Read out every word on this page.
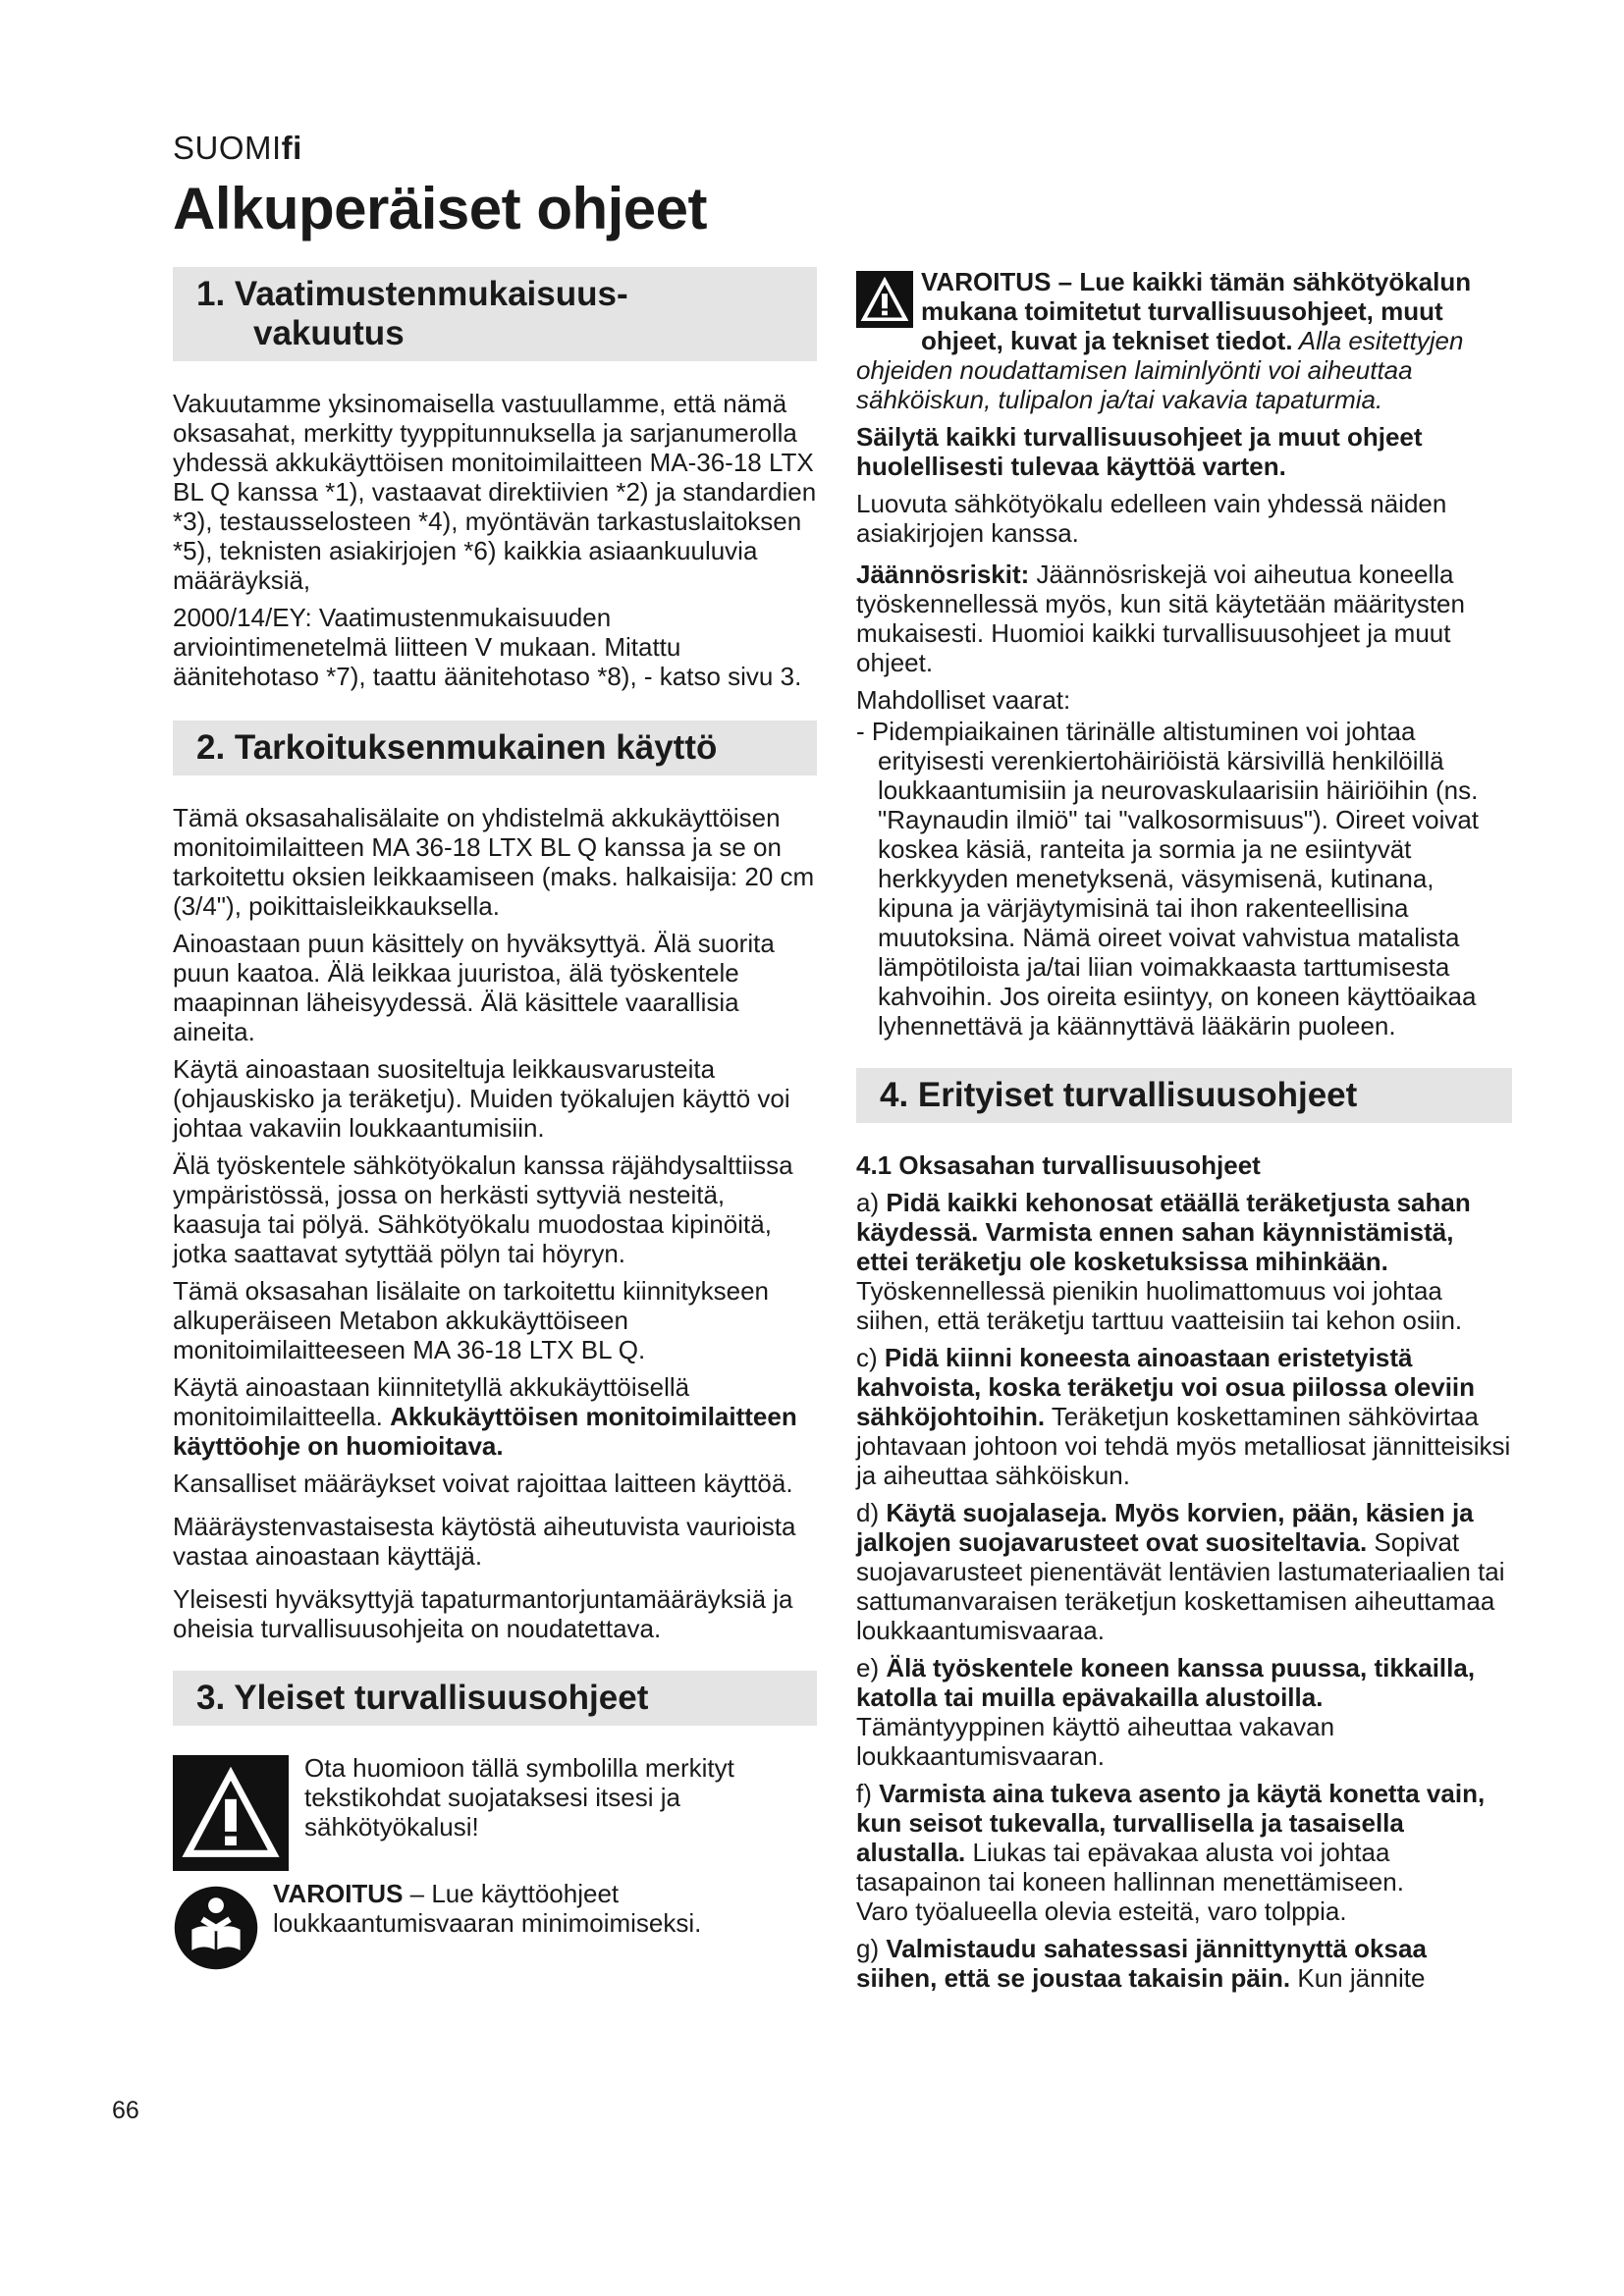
SUOMIfi
Alkuperäiset ohjeet
1. Vaatimustenmukaisuus-
vakuutus

Vakuutamme yksinomaisella vastuullamme, että nämä oksasahat, merkitty tyyppitunnuksella ja sarjanumerolla yhdessä akkukäyttöisen monitoimilaitteen MA-36-18 LTX BL Q kanssa *1), vastaavat direktiivien *2) ja standardien *3), testausselosteen *4), myöntävän tarkastuslaitoksen *5), teknisten asiakirjojen *6) kaikkia asiaankuuluvia määräyksiä,

2000/14/EY: Vaatimustenmukaisuuden arviointimenetelmä liitteen V mukaan. Mitattu äänitehotaso *7), taattu äänitehotaso *8), - katso sivu 3.

2. Tarkoituksenmukainen käyttö

Tämä oksasahalisälaite on yhdistelmä akkukäyttöisen monitoimilaitteen MA 36-18 LTX BL Q kanssa ja se on tarkoitettu oksien leikkaamiseen (maks. halkaisija: 20 cm (3/4"), poikittaisleikkauksella.

Ainoastaan puun käsittely on hyväksyttyä. Älä suorita puun kaatoa. Älä leikkaa juuristoa, älä työskentele maapinnan läheisyydessä. Älä käsittele vaarallisia aineita.

Käytä ainoastaan suositeltuja leikkausvarusteita (ohjauskisko ja teräketju). Muiden työkalujen käyttö voi johtaa vakaviin loukkaantumisiin.

Älä työskentele sähkötyökalun kanssa räjähdysalttiissa ympäristössä, jossa on herkästi syttyviä nesteitä, kaasuja tai pölyä. Sähkötyökalu muodostaa kipinöitä, jotka saattavat sytyttää pölyn tai höyryn.

Tämä oksasahan lisälaite on tarkoitettu kiinnitykseen alkuperäiseen Metabon akkukäyttöiseen monitoimilaitteeseen MA 36-18 LTX BL Q.

Käytä ainoastaan kiinnitetyllä akkukäyttöisellä monitoimilaitteella. Akkukäyttöisen monitoimilaitteen käyttöohje on huomioitava.

Kansalliset määräykset voivat rajoittaa laitteen käyttöä.

Määräystenvastaisesta käytöstä aiheutuvista vaurioista vastaa ainoastaan käyttäjä.

Yleisesti hyväksyttyjä tapaturmantorjuntamääräyksiä ja oheisia turvallisuusohjeita on noudatettava.

3. Yleiset turvallisuusohjeet

Ota huomioon tällä symbolilla merkityt tekstikohdat suojataksesi itsesi ja sähkötyökalusi!

VAROITUS – Lue käyttöohjeet loukkaantumisvaaran minimoimiseksi.

VAROITUS – Lue kaikki tämän sähkötyökalun mukana toimitetut turvallisuusohjeet, muut ohjeet, kuvat ja tekniset tiedot. Alla esitettyjen ohjeiden noudattamisen laiminlyönti voi aiheuttaa sähköiskun, tulipalon ja/tai vakavia tapaturmia.

Säilytä kaikki turvallisuusohjeet ja muut ohjeet huolellisesti tulevaa käyttöä varten.

Luovuta sähkötyökalu edelleen vain yhdessä näiden asiakirjojen kanssa.

Jäännösriskit: Jäännösriskejä voi aiheutua koneella työskennellessä myös, kun sitä käytetään määritysten mukaisesti. Huomioi kaikki turvallisuusohjeet ja muut ohjeet.

Mahdolliset vaarat:

- Pidempiaikainen tärinälle altistuminen voi johtaa erityisesti verenkiertohäiriöistä kärsivillä henkilöillä loukkaantumisiin ja neurovaskulaarisiin häiriöihin (ns. "Raynaudin ilmiö" tai "valkosormisuus"). Oireet voivat koskea käsiä, ranteita ja sormia ja ne esiintyvät herkkyyden menetyksenä, väsymisenä, kutinana, kipuna ja värjäytymisinä tai ihon rakenteellisina muutoksina. Nämä oireet voivat vahvistua matalista lämpötiloista ja/tai liian voimakkaasta tarttumisesta kahvoihin. Jos oireita esiintyy, on koneen käyttöaikaa lyhennettävä ja käännyttävä lääkärin puoleen.

4. Erityiset turvallisuusohjeet

4.1 Oksasahan turvallisuusohjeet

a) Pidä kaikki kehonosat etäällä teräketjusta sahan käydessä. Varmista ennen sahan käynnistämistä, ettei teräketju ole kosketuksissa mihinkään. Työskennellessä pienikin huolimattomuus voi johtaa siihen, että teräketju tarttuu vaatteisiin tai kehon osiin.

c) Pidä kiinni koneesta ainoastaan eristetyistä kahvoista, koska teräketju voi osua piilossa oleviin sähköjohtoihin. Teräketjun koskettaminen sähkövirtaa johtavaan johtoon voi tehdä myös metalliosat jännitteisiksi ja aiheuttaa sähköiskun.

d) Käytä suojalaseja. Myös korvien, pään, käsien ja jalkojen suojavarusteet ovat suositeltavia. Sopivat suojavarusteet pienentävät lentävien lastumateriaalien tai sattumanvaraisen teräketjun koskettamisen aiheuttamaa loukkaantumisvaaraa.

e) Älä työskentele koneen kanssa puussa, tikkailla, katolla tai muilla epävakailla alustoilla. Tämäntyyppinen käyttö aiheuttaa vakavan loukkaantumisvaaran.

f) Varmista aina tukeva asento ja käytä konetta vain, kun seisot tukevalla, turvallisella ja tasaisella alustalla. Liukas tai epävakaa alusta voi johtaa tasapainon tai koneen hallinnan menettämiseen.

Varo työalueella olevia esteitä, varo tolppia.

g) Valmistaudu sahatessasi jännittynyttä oksaa siihen, että se joustaa takaisin päin. Kun jännite

66
